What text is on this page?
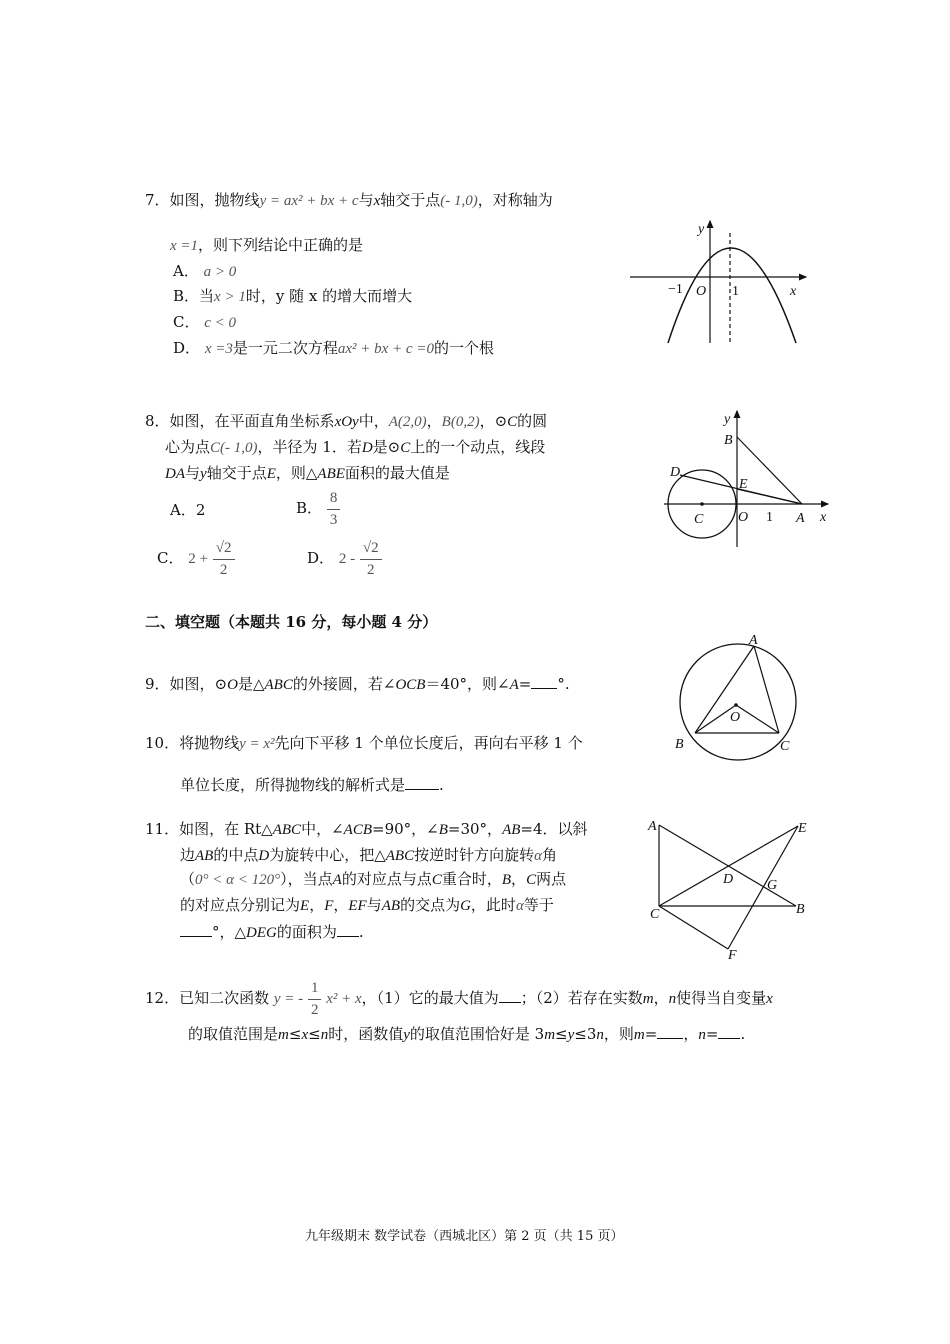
7．如图，抛物线y = ax² + bx + c与x轴交于点(- 1,0)，对称轴为
x =1，则下列结论中正确的是
A． a > 0
B．当x > 1时，y 随 x 的增大而增大
C． c < 0
D． x =3是一元二次方程ax² + bx + c =0的一个根
y
x
O
−1	1
8．如图，在平面直角坐标系xOy中，A(2,0)，B(0,2)，⊙C的圆
心为点C(- 1,0)，半径为 1．若D是⊙C上的一个动点，线段
DA与y轴交于点E，则△ABE面积的最大值是
A．2	B． $\frac{8}{3}$
C． $2 + \frac{√2}{2}$	D． $2 - \frac{√2}{2}$
y
B
D
E
C O 1 A x
二、填空题（本题共 16 分，每小题 4 分）
9．如图，⊙O是△ABC的外接圆，若∠OCB＝40°，则∠A= °.
A
O
B	C
10．将抛物线y = x²先向下平移 1 个单位长度后，再向右平移 1 个
单位长度，所得抛物线的解析式是 .
11．如图，在 Rt△ABC中，∠ACB=90°，∠B=30°，AB=4．以斜
边AB的中点D为旋转中心，把△ABC按逆时针方向旋转α角
（0° < α < 120°），当点A的对应点与点C重合时，B，C两点
的对应点分别记为E，F，EF与AB的交点为G，此时α等于
°，△DEG的面积为 .
A	E
D G
C	B
F
12．已知二次函数 y = - $\frac{1}{2} x^2 + x$，（1）它的最大值为 ；（2）若存在实数m，n使得当自变量x
的取值范围是m≤x≤n时，函数值y的取值范围恰好是 3m≤y≤3n，则m= ，n= .
九年级期末 数学试卷（西城北区）第 2 页（共 15 页）
